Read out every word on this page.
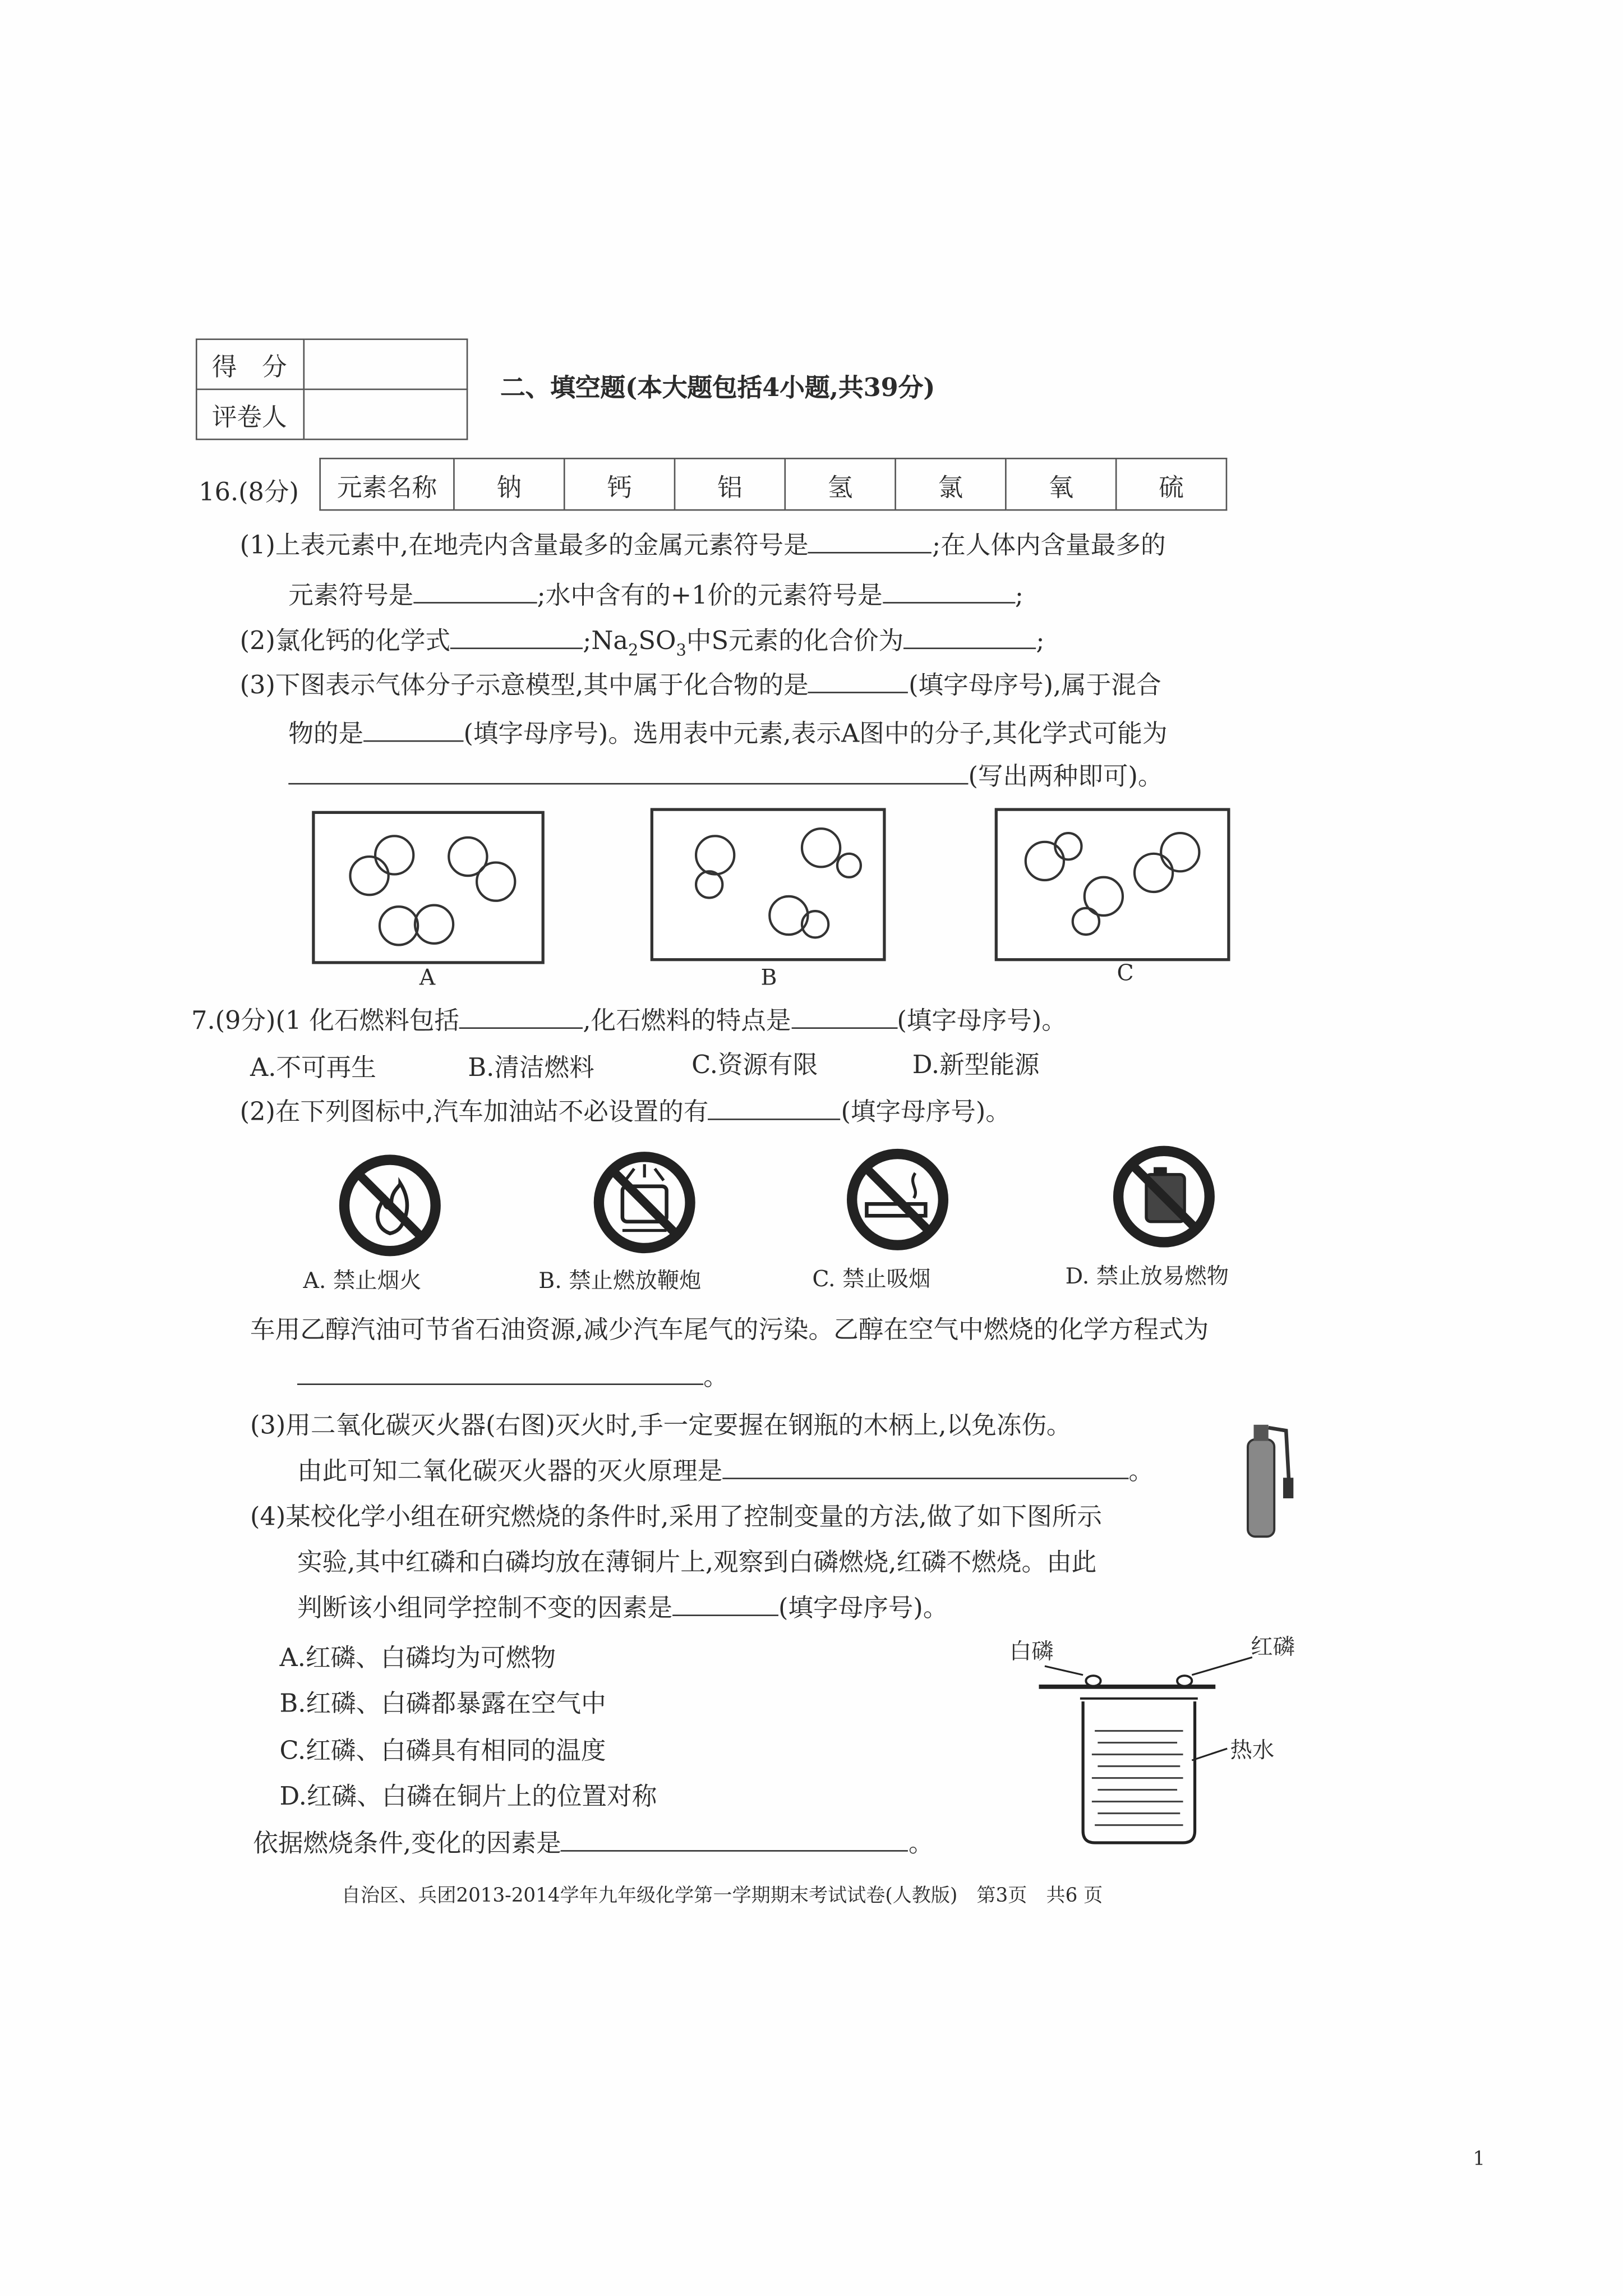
得　分	
评卷人	
二、填空题(本大题包括4小题,共39分)
16.(8分)	元素名称	钠	钙	铝	氢	氯	氧	硫
(1)上表元素中,在地壳内含量最多的金属元素符号是	;在人体内含量最多的
元素符号是	;水中含有的+1价的元素符号是	;
(2)氯化钙的化学式	$;Na_2SO_3$中S元素的化合价为	;
(3)下图表示气体分子示意模型,其中属于化合物的是	(填字母序号),属于混合
物的是	(填字母序号)。选用表中元素,表示A图中的分子,其化学式可能为
(写出两种即可)。
A	B	C
7.(9分)(1 化石燃料包括	,化石燃料的特点是	(填字母序号)。
A.不可再生	B.清洁燃料	C.资源有限	D.新型能源
(2)在下列图标中,汽车加油站不必设置的有	(填字母序号)。
A. 禁止烟火	B. 禁止燃放鞭炮	C. 禁止吸烟	D. 禁止放易燃物
车用乙醇汽油可节省石油资源,减少汽车尾气的污染。乙醇在空气中燃烧的化学方程式为
。
(3)用二氧化碳灭火器(右图)灭火时,手一定要握在钢瓶的木柄上,以免冻伤。
由此可知二氧化碳灭火器的灭火原理是	。
(4)某校化学小组在研究燃烧的条件时,采用了控制变量的方法,做了如下图所示
实验,其中红磷和白磷均放在薄铜片上,观察到白磷燃烧,红磷不燃烧。由此
判断该小组同学控制不变的因素是	(填字母序号)。
A.红磷、白磷均为可燃物
B.红磷、白磷都暴露在空气中
C.红磷、白磷具有相同的温度
D.红磷、白磷在铜片上的位置对称
依据燃烧条件,变化的因素是	。
白磷	红磷
热水
自治区、兵团2013-2014学年九年级化学第一学期期末考试试卷(人教版)　第3页　共6 页
1
